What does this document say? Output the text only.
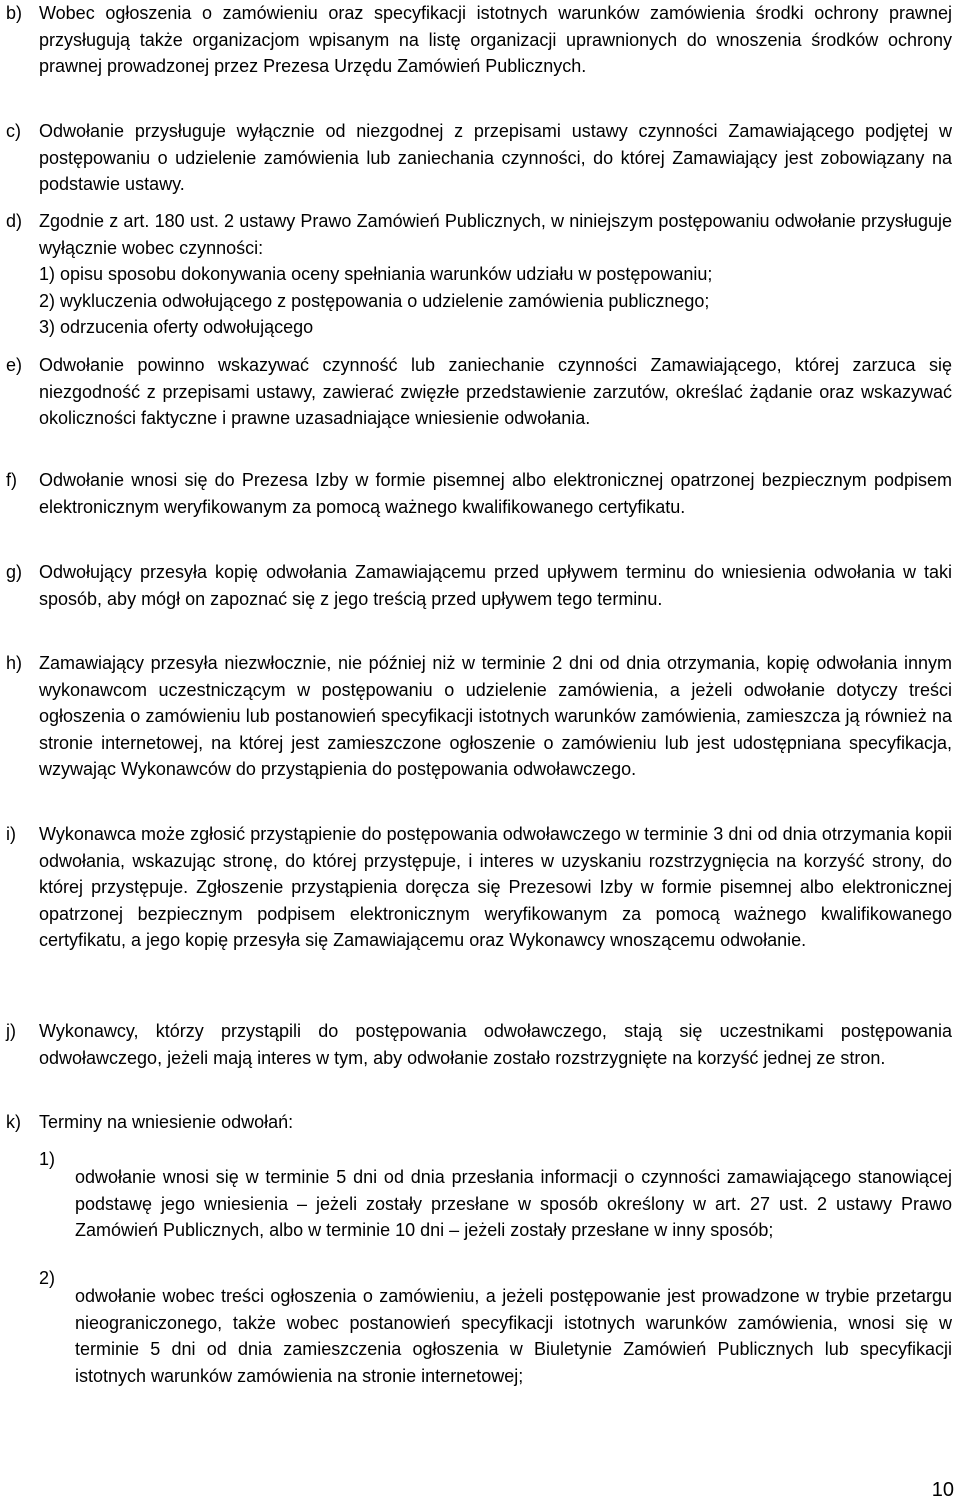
b) Wobec ogłoszenia o zamówieniu oraz specyfikacji istotnych warunków zamówienia środki ochrony prawnej przysługują także organizacjom wpisanym na listę organizacji uprawnionych do wnoszenia środków ochrony prawnej prowadzonej przez Prezesa Urzędu Zamówień Publicznych.

c)	Odwołanie przysługuje wyłącznie od niezgodnej z przepisami ustawy czynności Zamawiającego podjętej w postępowaniu o udzielenie zamówienia lub zaniechania czynności, do której Zamawiający jest zobowiązany na podstawie ustawy.

d) Zgodnie z art. 180 ust. 2 ustawy Prawo Zamówień Publicznych, w niniejszym postępowaniu odwołanie przysługuje wyłącznie wobec czynności:

1) opisu sposobu dokonywania oceny spełniania warunków udziału w postępowaniu;

2) wykluczenia odwołującego z postępowania o udzielenie zamówienia publicznego;

3) odrzucenia oferty odwołującego

e) Odwołanie powinno wskazywać czynność lub zaniechanie czynności Zamawiającego, której zarzuca się niezgodność z przepisami ustawy, zawierać zwięzłe przedstawienie zarzutów, określać żądanie oraz wskazywać okoliczności faktyczne i prawne uzasadniające wniesienie odwołania.

f)	Odwołanie wnosi się do Prezesa Izby w formie pisemnej albo elektronicznej opatrzonej bezpiecznym podpisem elektronicznym weryfikowanym za pomocą ważnego kwalifikowanego certyfikatu.

g) Odwołujący przesyła kopię odwołania Zamawiającemu przed upływem terminu do wniesienia odwołania w taki sposób, aby mógł on zapoznać się z jego treścią przed upływem tego terminu.

h) Zamawiający przesyła niezwłocznie, nie później niż w terminie 2 dni od dnia otrzymania, kopię odwołania innym wykonawcom uczestniczącym w postępowaniu o udzielenie zamówienia, a jeżeli odwołanie dotyczy treści ogłoszenia o zamówieniu lub postanowień specyfikacji istotnych warunków zamówienia, zamieszcza ją również na stronie internetowej, na której jest zamieszczone ogłoszenie o zamówieniu lub jest udostępniana specyfikacja, wzywając Wykonawców do przystąpienia do postępowania odwoławczego.

i)	Wykonawca może zgłosić przystąpienie do postępowania odwoławczego w terminie 3 dni od dnia otrzymania kopii odwołania, wskazując stronę, do której przystępuje, i interes w uzyskaniu rozstrzygnięcia na korzyść strony, do której przystępuje. Zgłoszenie przystąpienia doręcza się Prezesowi Izby w formie pisemnej albo elektronicznej opatrzonej bezpiecznym podpisem elektronicznym weryfikowanym za pomocą ważnego kwalifikowanego certyfikatu, a jego kopię przesyła się Zamawiającemu oraz Wykonawcy wnoszącemu odwołanie.

j)	Wykonawcy, którzy przystąpili do postępowania odwoławczego, stają się uczestnikami postępowania odwoławczego, jeżeli mają interes w tym, aby odwołanie zostało rozstrzygnięte na korzyść jednej ze stron.

k)	Terminy na wniesienie odwołań:

1)

odwołanie wnosi się w terminie 5 dni od dnia przesłania informacji o czynności zamawiającego stanowiącej podstawę jego wniesienia – jeżeli zostały przesłane w sposób określony w art. 27 ust. 2 ustawy Prawo Zamówień Publicznych, albo w terminie 10 dni – jeżeli zostały przesłane w inny sposób;

2)

odwołanie wobec treści ogłoszenia o zamówieniu, a jeżeli postępowanie jest prowadzone w trybie przetargu nieograniczonego, także wobec postanowień specyfikacji istotnych warunków zamówienia, wnosi się w terminie 5 dni od dnia zamieszczenia ogłoszenia w Biuletynie Zamówień Publicznych lub specyfikacji istotnych warunków zamówienia na stronie internetowej;

10
